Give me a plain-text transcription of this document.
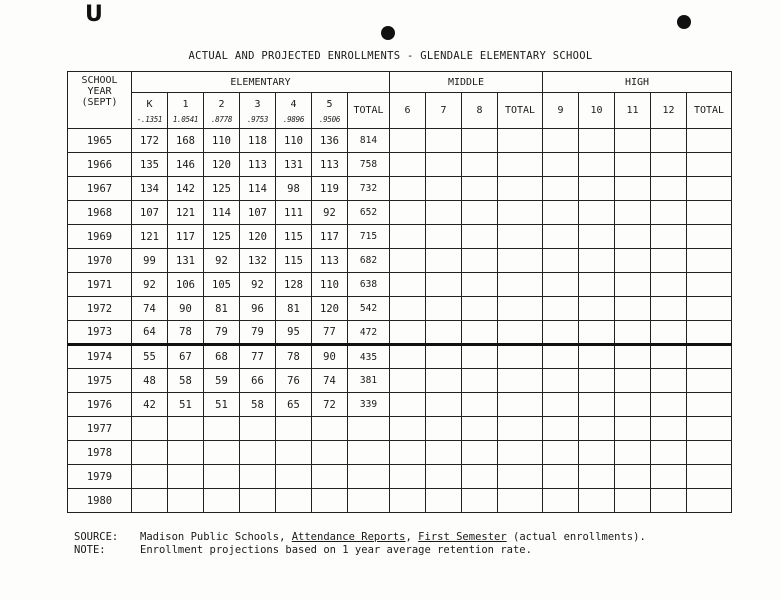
U
ACTUAL AND PROJECTED ENROLLMENTS - GLENDALE ELEMENTARY SCHOOL
SCHOOL
YEAR
(SEPT)	ELEMENTARY							MIDDLE				HIGH				
	K	1	2	3	4	5	TOTAL	6	7	8	TOTAL	9	10	11	12	TOTAL
	-.1351	1.0541	.8778	.9753	.9896	.9506										
1965	172	168	110	118	110	136	814									
1966	135	146	120	113	131	113	758									
1967	134	142	125	114	98	119	732									
1968	107	121	114	107	111	92	652									
1969	121	117	125	120	115	117	715									
1970	99	131	92	132	115	113	682									
1971	92	106	105	92	128	110	638									
1972	74	90	81	96	81	120	542									
1973	64	78	79	79	95	77	472									
1974	55	67	68	77	78	90	435									
1975	48	58	59	66	76	74	381									
1976	42	51	51	58	65	72	339									
1977																
1978																
1979																
1980																
SOURCE:	Madison Public Schools, Attendance Reports, First Semester (actual enrollments).
NOTE:	Enrollment projections based on 1 year average retention rate.
